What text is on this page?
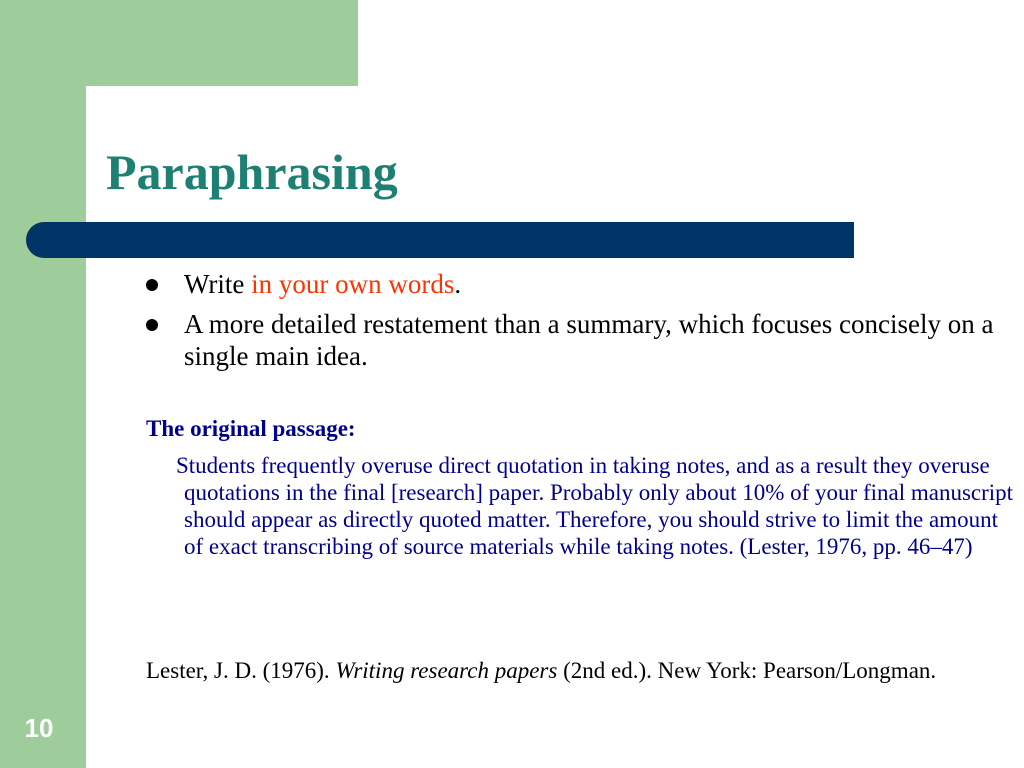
Paraphrasing
Write in your own words.
A more detailed restatement than a summary, which focuses concisely on a single main idea.

The original passage:

Students frequently overuse direct quotation in taking notes, and as a result they overuse quotations in the final [research] paper. Probably only about 10% of your final manuscript should appear as directly quoted matter. Therefore, you should strive to limit the amount of exact transcribing of source materials while taking notes. (Lester, 1976, pp. 46–47)

Lester, J. D. (1976). Writing research papers (2nd ed.). New York: Pearson/Longman.

10
